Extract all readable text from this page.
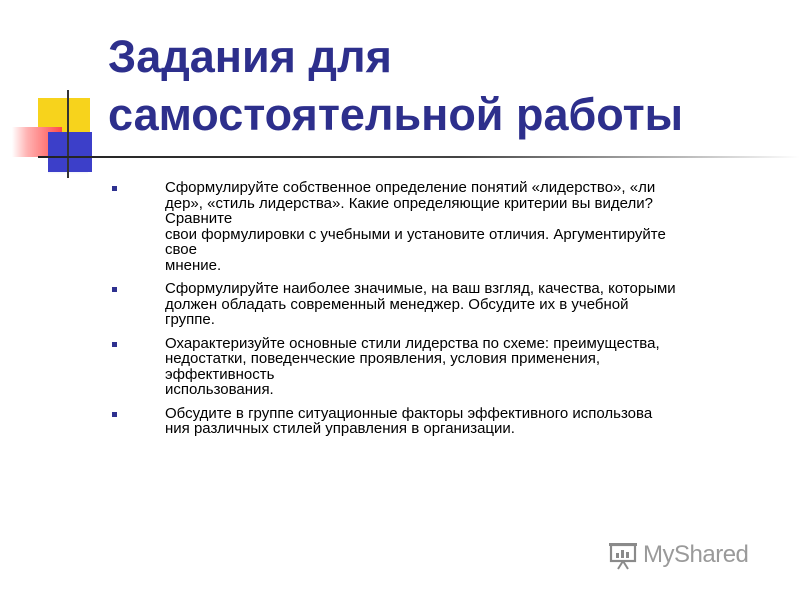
Задания для
самостоятельной работы
Сформулируйте собственное определение понятий «лидерство», «ли
дер», «стиль лидерства». Какие определяющие критерии вы видели?
Сравните
свои формулировки с учебными и установите отличия. Аргументируйте
свое
мнение.
Сформулируйте наиболее значимые, на ваш взгляд, качества, которыми
должен обладать современный менеджер. Обсудите их в учебной
группе.
Охарактеризуйте основные стили лидерства по схеме: преимущества,
недостатки, поведенческие проявления, условия применения,
эффективность
использования.
Обсудите в группе ситуационные факторы эффективного использова
ния различных стилей управления в организации.
MyShared
